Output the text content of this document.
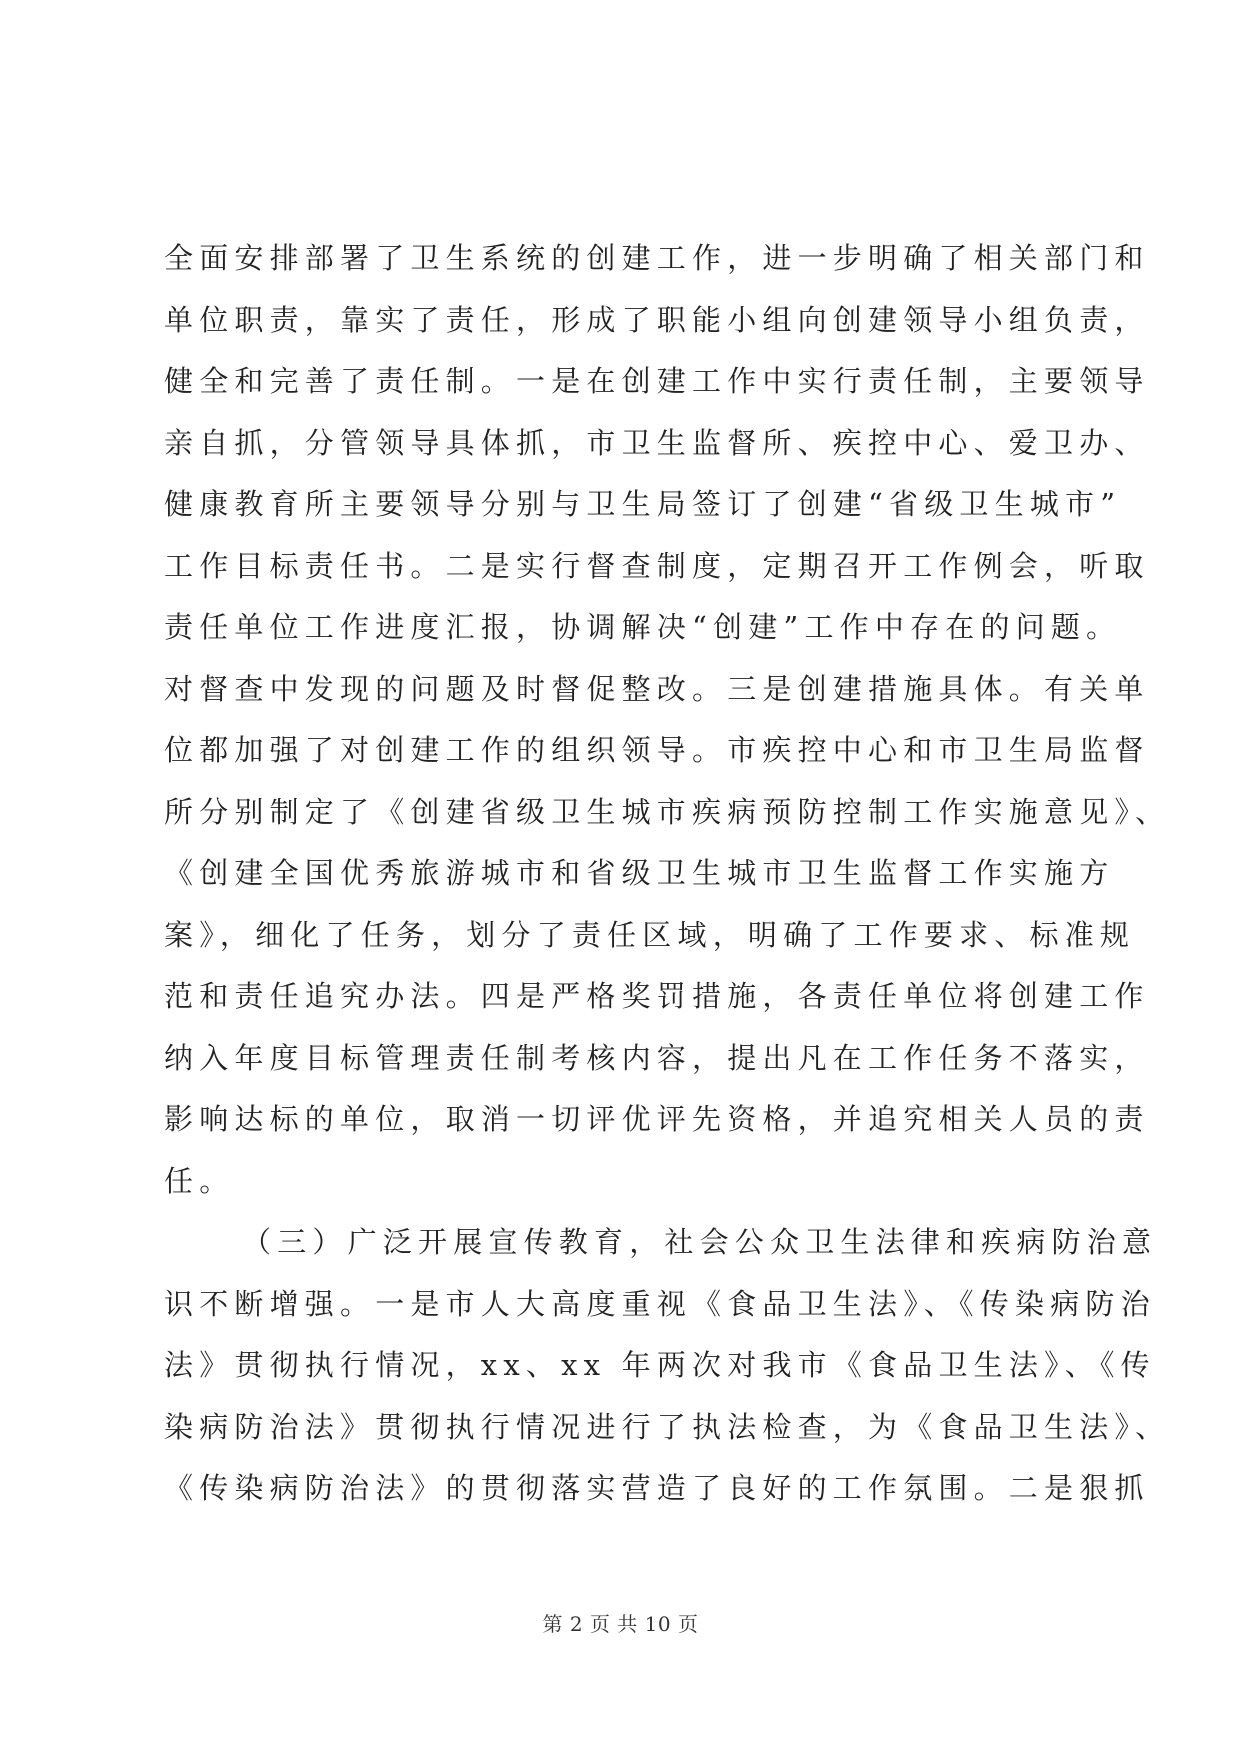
全面安排部署了卫生系统的创建工作，进一步明确了相关部门和
单位职责，靠实了责任，形成了职能小组向创建领导小组负责，
健全和完善了责任制。一是在创建工作中实行责任制，主要领导
亲自抓，分管领导具体抓，市卫生监督所、疾控中心、爱卫办、
健康教育所主要领导分别与卫生局签订了创建“省级卫生城市”
工作目标责任书。二是实行督查制度，定期召开工作例会，听取
责任单位工作进度汇报，协调解决“创建”工作中存在的问题。
对督查中发现的问题及时督促整改。三是创建措施具体。有关单
位都加强了对创建工作的组织领导。市疾控中心和市卫生局监督
所分别制定了《创建省级卫生城市疾病预防控制工作实施意见》、
《创建全国优秀旅游城市和省级卫生城市卫生监督工作实施方
案》，细化了任务，划分了责任区域，明确了工作要求、标准规
范和责任追究办法。四是严格奖罚措施，各责任单位将创建工作
纳入年度目标管理责任制考核内容，提出凡在工作任务不落实，
影响达标的单位，取消一切评优评先资格，并追究相关人员的责
任。
（三）广泛开展宣传教育，社会公众卫生法律和疾病防治意
识不断增强。一是市人大高度重视《食品卫生法》、《传染病防治
法》贯彻执行情况，xx、xx 年两次对我市《食品卫生法》、《传
染病防治法》贯彻执行情况进行了执法检查，为《食品卫生法》、
《传染病防治法》的贯彻落实营造了良好的工作氛围。二是狠抓
第 2 页 共 10 页
